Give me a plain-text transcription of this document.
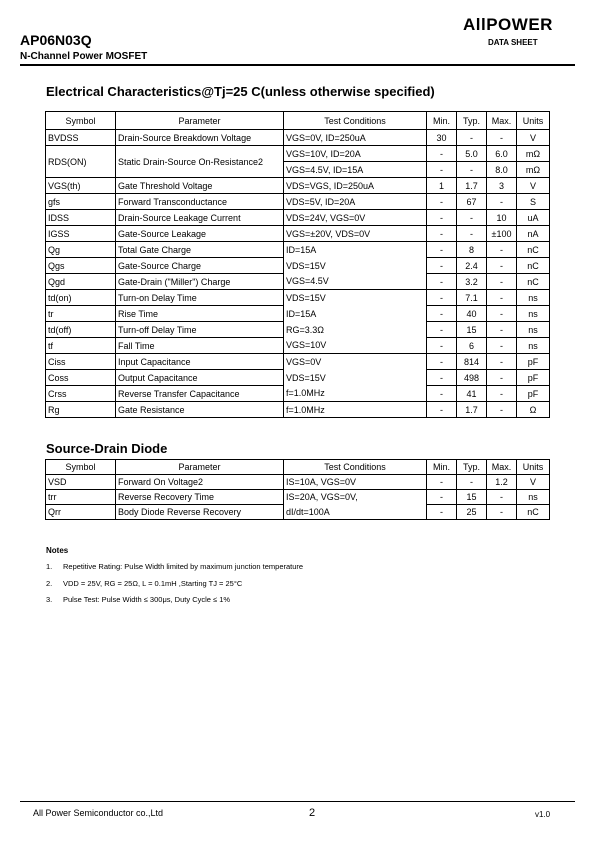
AllPOWER
DATA SHEET
AP06N03Q
N-Channel Power MOSFET
Electrical Characteristics@Tj=25 C(unless otherwise specified)
Symbol	Parameter	Test Conditions	Min.	Typ.	Max.	Units
BVDSS	Drain-Source Breakdown Voltage	VGS=0V, ID=250uA	30	-	-	V
RDS(ON)	Static Drain-Source On-Resistance2	VGS=10V, ID=20A	-	5.0	6.0	mΩ
		VGS=4.5V, ID=15A	-	-	8.0	mΩ
VGS(th)	Gate Threshold Voltage	VDS=VGS, ID=250uA	1	1.7	3	V
gfs	Forward Transconductance	VDS=5V, ID=20A	-	67	-	S
IDSS	Drain-Source Leakage Current	VDS=24V, VGS=0V	-	-	10	uA
IGSS	Gate-Source Leakage	VGS=±20V, VDS=0V	-	-	±100	nA
Qg	Total Gate Charge	ID=15A	-	8	-	nC
Qgs	Gate-Source Charge	VDS=15V	-	2.4	-	nC
Qgd	Gate-Drain ("Miller") Charge	VGS=4.5V	-	3.2	-	nC
td(on)	Turn-on Delay Time	VDS=15V	-	7.1	-	ns
tr	Rise Time	ID=15A	-	40	-	ns
td(off)	Turn-off Delay Time	RG=3.3Ω	-	15	-	ns
tf	Fall Time	VGS=10V	-	6	-	ns
Ciss	Input Capacitance	VGS=0V	-	814	-	pF
Coss	Output Capacitance	VDS=15V	-	498	-	pF
Crss	Reverse Transfer Capacitance	f=1.0MHz	-	41	-	pF
Rg	Gate Resistance	f=1.0MHz	-	1.7	-	Ω
Source-Drain Diode
Symbol	Parameter	Test Conditions	Min.	Typ.	Max.	Units
VSD	Forward On Voltage2	IS=10A, VGS=0V	-	-	1.2	V
trr	Reverse Recovery Time	IS=20A, VGS=0V,	-	15	-	ns
Qrr	Body Diode Reverse Recovery	dI/dt=100A	-	25	-	nC
Notes
1. Repetitive Rating: Pulse Width limited by maximum junction temperature
2. VDD = 25V, RG = 25Ω, L = 0.1mH ,Starting TJ = 25°C
3. Pulse Test: Pulse Width ≤ 300μs, Duty Cycle ≤ 1%
All Power Semiconductor co.,Ltd	2	v1.0
